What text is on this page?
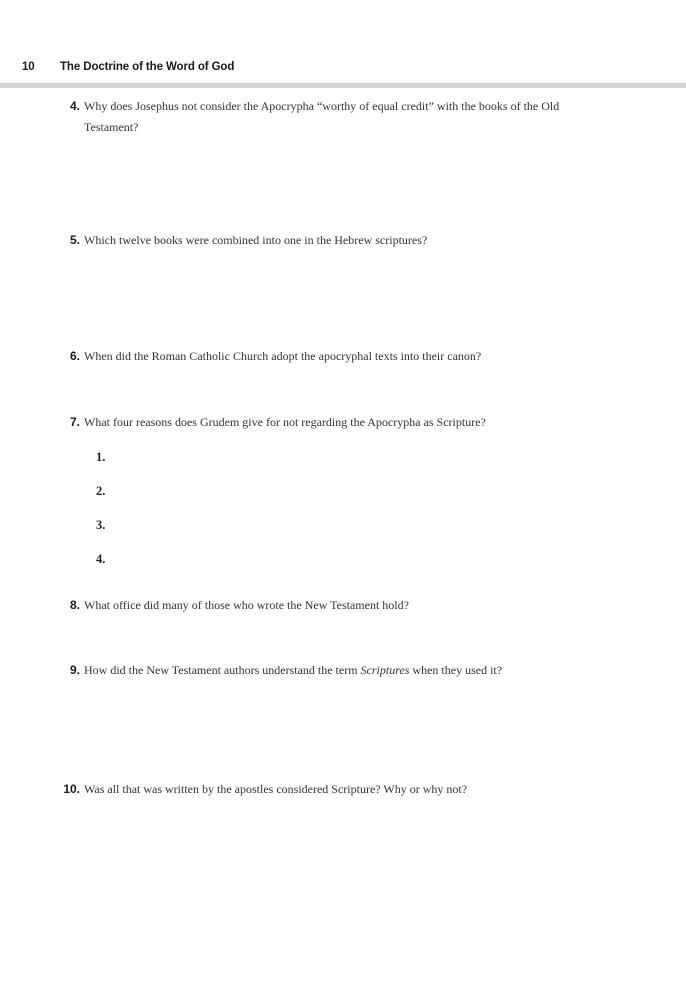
10	The Doctrine of the Word of God
4. Why does Josephus not consider the Apocrypha “worthy of equal credit” with the books of the Old Testament?
5. Which twelve books were combined into one in the Hebrew scriptures?
6. When did the Roman Catholic Church adopt the apocryphal texts into their canon?
7. What four reasons does Grudem give for not regarding the Apocrypha as Scripture?
1.
2.
3.
4.
8. What office did many of those who wrote the New Testament hold?
9. How did the New Testament authors understand the term Scriptures when they used it?
10. Was all that was written by the apostles considered Scripture? Why or why not?
